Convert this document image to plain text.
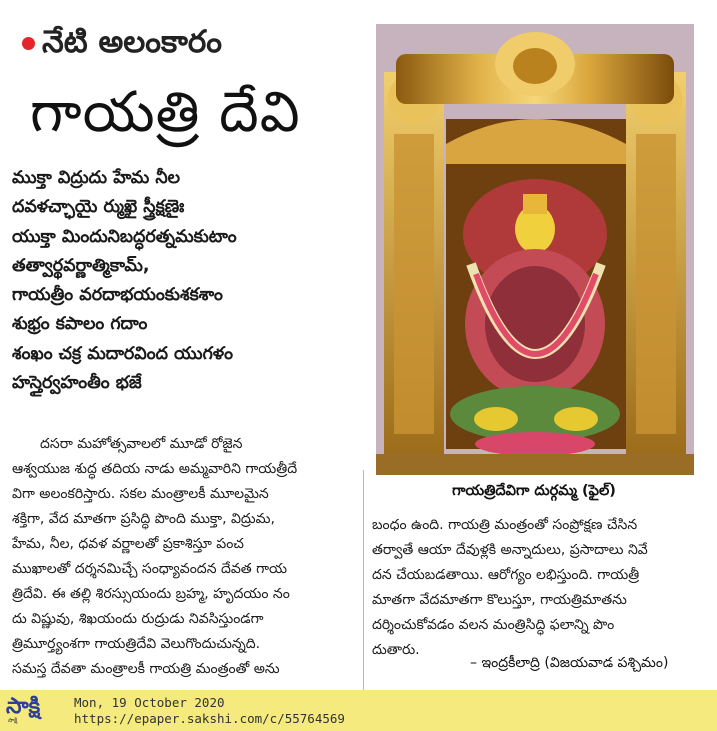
నేటి అలంకారం
గాయత్రి దేవి
ముక్తా విద్రుదు హేమ నీల
దవళచ్ఛాయై ర్ముఖై స్త్రీక్షణైః
యుక్తా మిందునిబద్ధరత్నమకుటాం
తత్వార్థవర్ణాత్మికామ్,
గాయత్రీం వరదాభయంకుశకశాం
శుభ్రం కపాలం గదాం
శంఖం చక్ర మదారవింద యుగళం
హస్తైర్వహంతీం భజే
గాయత్రిదేవిగా దుర్గమ్మ (ఫైల్)
దసరా మహోత్సవాలలో మూడో రోజైన
ఆశ్వయుజ శుద్ధ తదియ నాడు అమ్మవారిని గాయత్రీదే
విగా అలంకరిస్తారు. సకల మంత్రాలకీ మూలమైన
శక్తిగా, వేద మాతగా ప్రసిద్ధి పొంది ముక్తా, విద్రుమ,
హేమ, నీల, ధవళ వర్ణాలతో ప్రకాశిస్తూ పంచ
ముఖాలతో దర్శనమిచ్చే సంధ్యావందన దేవత గాయ
త్రిదేవి. ఈ తల్లి శిరస్సుయందు బ్రహ్మ, హృదయం నం
దు విష్ణువు, శిఖయందు రుద్రుడు నివసిస్తుండగా
త్రిమూర్త్యంశగా గాయత్రిదేవి వెలుగొందుచున్నది.
సమస్త దేవతా మంత్రాలకీ గాయత్రి మంత్రంతో అను
బంధం ఉంది. గాయత్రి మంత్రంతో సంప్రోక్షణ చేసిన
తర్వాతే ఆయా దేవుళ్లకి అన్నాదులు, ప్రసాదాలు నివే
దన చేయబడతాయి. ఆరోగ్యం లభిస్తుంది. గాయత్రీ
మాతగా వేదమాతగా కొలుస్తూ, గాయత్రిమాతను
దర్శించుకోవడం వలన మంత్రిసిద్ధి ఫలాన్ని పొం
దుతారు.
– ఇంద్రకీలాద్రి (విజయవాడ పశ్చిమం)
సాక్షి
సాక్షి
Mon, 19 October 2020
https://epaper.sakshi.com/c/55764569
